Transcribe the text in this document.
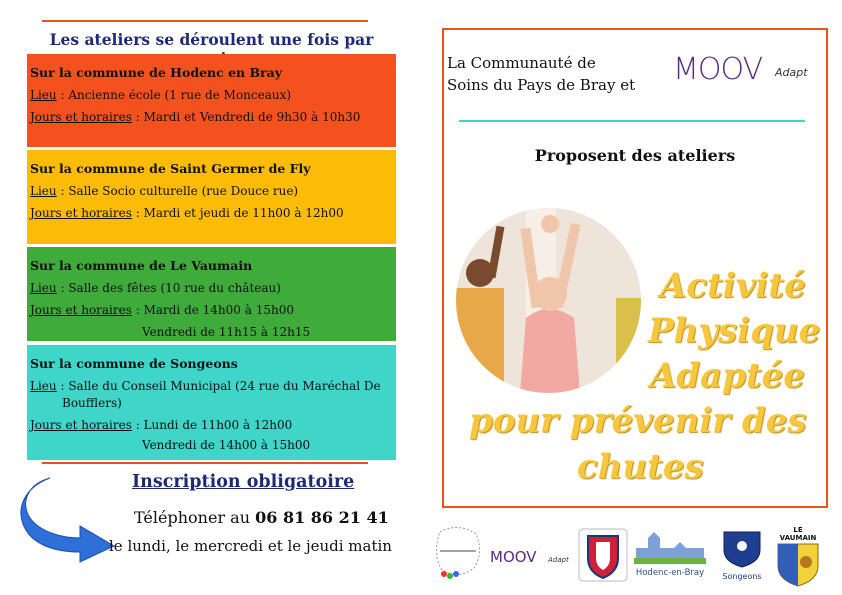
Les ateliers se déroulent une fois par
Sur la commune de Hodenc en Bray
Lieu : Ancienne école (1 rue de Monceaux)
Jours et horaires : Mardi et Vendredi de 9h30 à 10h30
Sur la commune de Saint Germer de Fly
Lieu : Salle Socio culturelle (rue Douce rue)
Jours et horaires : Mardi et jeudi de 11h00 à 12h00
Sur la commune de Le Vaumain
Lieu : Salle des fêtes (10 rue du château)
Jours et horaires : Mardi de 14h00 à 15h00
Vendredi de 11h15 à 12h15
Sur la commune de Songeons
Lieu : Salle du Conseil Municipal (24 rue du Maréchal De
Boufflers)
Jours et horaires : Lundi de 11h00 à 12h00
Vendredi de 14h00 à 15h00
Inscription obligatoire
Téléphoner au 06 81 86 21 41
le lundi, le mercredi et le jeudi matin
La Communauté de
Soins du Pays de Bray et MOOV Adapt
Proposent des ateliers
Activité
Physique
Adaptée
pour prévenir des
chutes
MOOV Adapt
Hodenc-en-Bray	Songeons
LE VAUMAIN
